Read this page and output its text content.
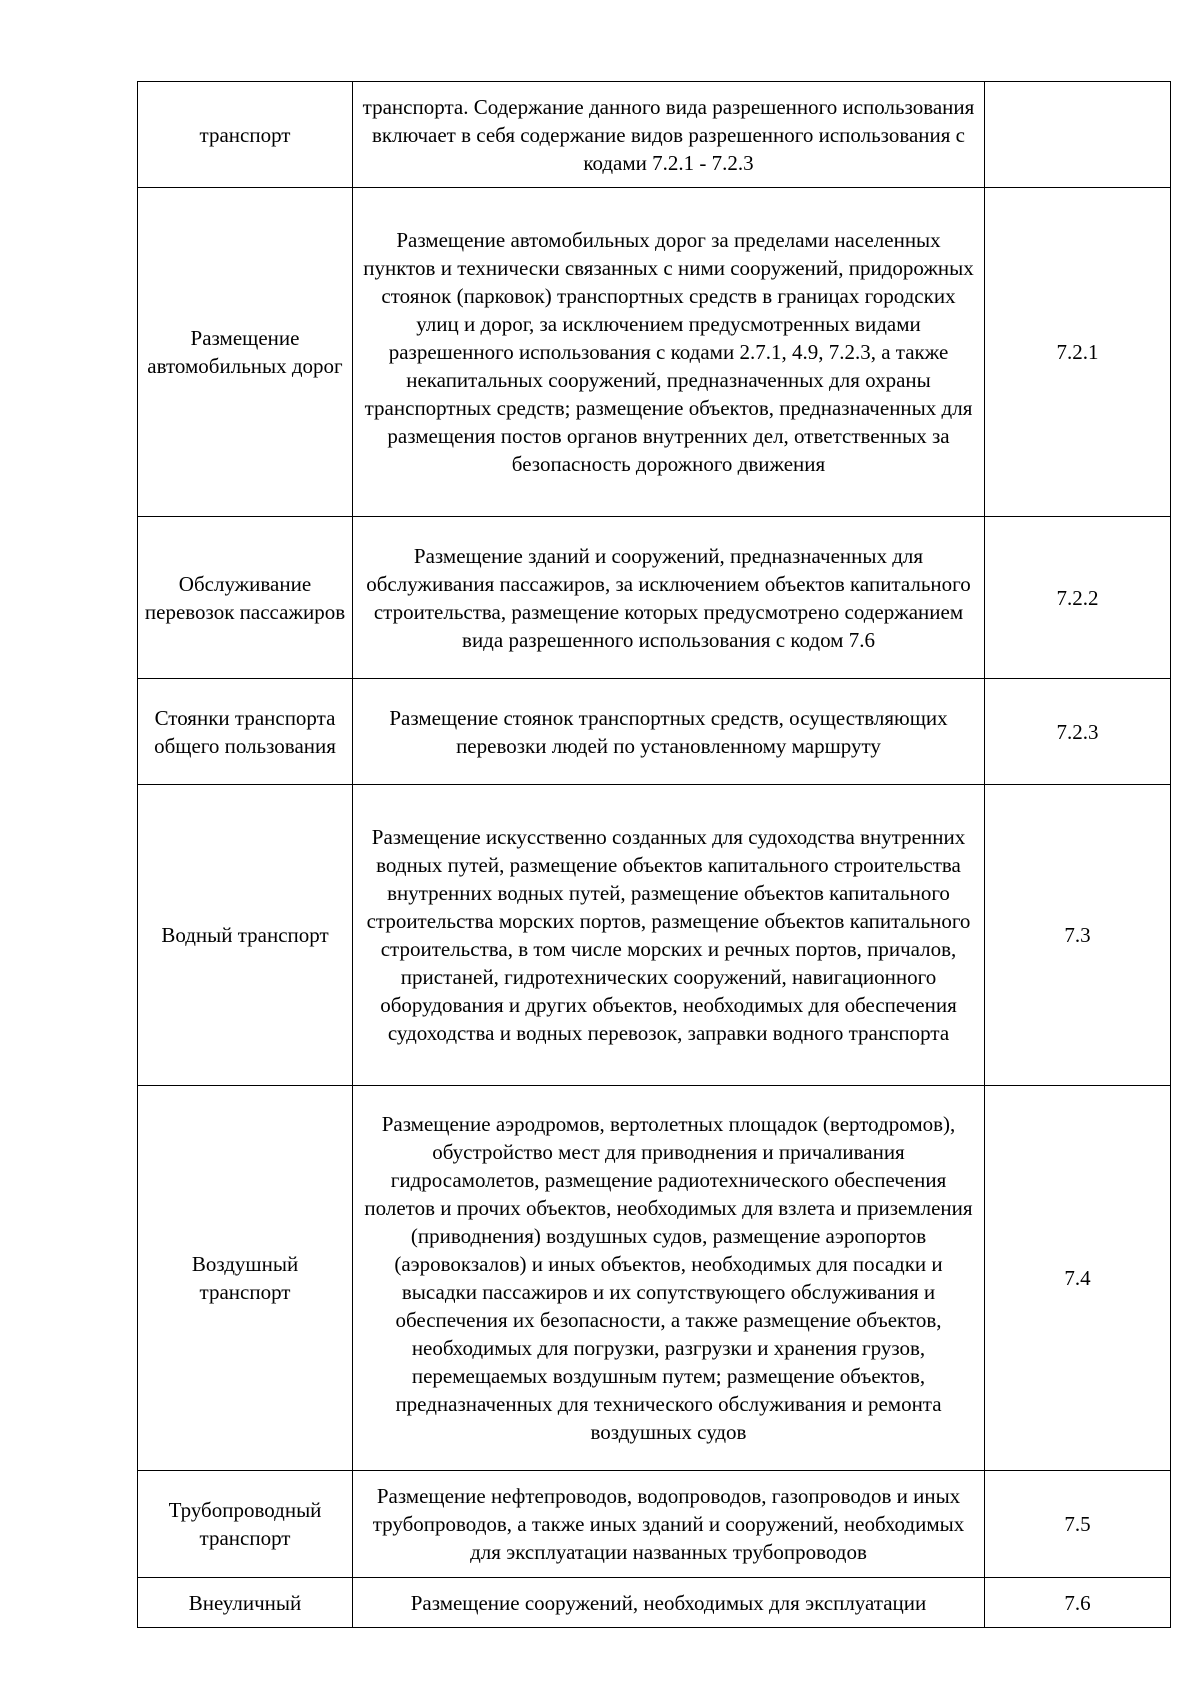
транспорт	транспорта. Содержание данного вида разрешенного использования включает в себя содержание видов разрешенного использования с кодами 7.2.1 - 7.2.3	
Размещение автомобильных дорог	Размещение автомобильных дорог за пределами населенных пунктов и технически связанных с ними сооружений, придорожных стоянок (парковок) транспортных средств в границах городских улиц и дорог, за исключением предусмотренных видами разрешенного использования с кодами 2.7.1, 4.9, 7.2.3, а также некапитальных сооружений, предназначенных для охраны транспортных средств; размещение объектов, предназначенных для размещения постов органов внутренних дел, ответственных за безопасность дорожного движения	7.2.1
Обслуживание перевозок пассажиров	Размещение зданий и сооружений, предназначенных для обслуживания пассажиров, за исключением объектов капитального строительства, размещение которых предусмотрено содержанием вида разрешенного использования с кодом 7.6	7.2.2
Стоянки транспорта общего пользования	Размещение стоянок транспортных средств, осуществляющих перевозки людей по установленному маршруту	7.2.3
Водный транспорт	Размещение искусственно созданных для судоходства внутренних водных путей, размещение объектов капитального строительства внутренних водных путей, размещение объектов капитального строительства морских портов, размещение объектов капитального строительства, в том числе морских и речных портов, причалов, пристаней, гидротехнических сооружений, навигационного оборудования и других объектов, необходимых для обеспечения судоходства и водных перевозок, заправки водного транспорта	7.3
Воздушный транспорт	Размещение аэродромов, вертолетных площадок (вертодромов), обустройство мест для приводнения и причаливания гидросамолетов, размещение радиотехнического обеспечения полетов и прочих объектов, необходимых для взлета и приземления (приводнения) воздушных судов, размещение аэропортов (аэровокзалов) и иных объектов, необходимых для посадки и высадки пассажиров и их сопутствующего обслуживания и обеспечения их безопасности, а также размещение объектов, необходимых для погрузки, разгрузки и хранения грузов, перемещаемых воздушным путем; размещение объектов, предназначенных для технического обслуживания и ремонта воздушных судов	7.4
Трубопроводный транспорт	Размещение нефтепроводов, водопроводов, газопроводов и иных трубопроводов, а также иных зданий и сооружений, необходимых для эксплуатации названных трубопроводов	7.5
Внеуличный	Размещение сооружений, необходимых для эксплуатации	7.6
